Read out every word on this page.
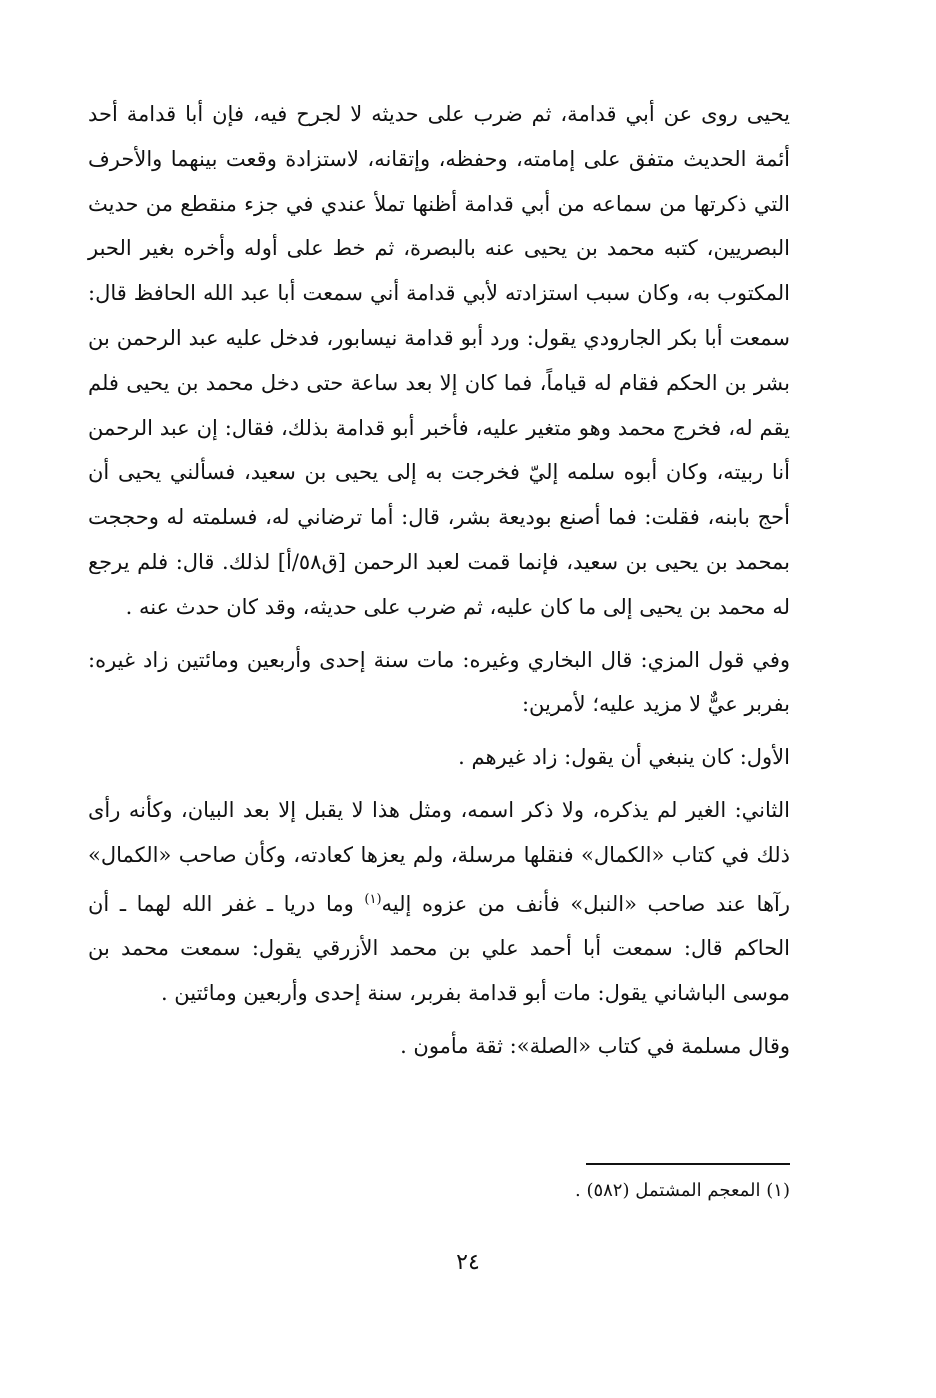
يحيى روى عن أبي قدامة، ثم ضرب على حديثه لا لجرح فيه، فإن أبا قدامة أحد أئمة الحديث متفق على إمامته، وحفظه، وإتقانه، لاستزادة وقعت بينهما والأحرف التي ذكرتها من سماعه من أبي قدامة أظنها تملأ عندي في جزء منقطع من حديث البصريين، كتبه محمد بن يحيى عنه بالبصرة، ثم خط على أوله وأخره بغير الحبر المكتوب به، وكان سبب استزادته لأبي قدامة أني سمعت أبا عبد الله الحافظ قال: سمعت أبا بكر الجارودي يقول: ورد أبو قدامة نيسابور، فدخل عليه عبد الرحمن بن بشر بن الحكم فقام له قياماً، فما كان إلا بعد ساعة حتى دخل محمد بن يحيى فلم يقم له، فخرج محمد وهو متغير عليه، فأخبر أبو قدامة بذلك، فقال: إن عبد الرحمن أنا ربيته، وكان أبوه سلمه إليّ فخرجت به إلى يحيى بن سعيد، فسألني يحيى أن أحج بابنه، فقلت: فما أصنع بوديعة بشر، قال: أما ترضاني له، فسلمته له وحججت بمحمد بن يحيى بن سعيد، فإنما قمت لعبد الرحمن [ق٥٨/أ] لذلك. قال: فلم يرجع له محمد بن يحيى إلى ما كان عليه، ثم ضرب على حديثه، وقد كان حدث عنه .

وفي قول المزي: قال البخاري وغيره: مات سنة إحدى وأربعين ومائتين زاد غيره: بفربر عيٌّ لا مزيد عليه؛ لأمرين:

الأول: كان ينبغي أن يقول: زاد غيرهم .

الثاني: الغير لم يذكره، ولا ذكر اسمه، ومثل هذا لا يقبل إلا بعد البيان، وكأنه رأى ذلك في كتاب «الكمال» فنقلها مرسلة، ولم يعزها كعادته، وكأن صاحب «الكمال» رآها عند صاحب «النبل» فأنف من عزوه إليه$^{(١)}$ وما دريا ـ غفر الله لهما ـ أن الحاكم قال: سمعت أبا أحمد علي بن محمد الأزرقي يقول: سمعت محمد بن موسى الباشاني يقول: مات أبو قدامة بفربر، سنة إحدى وأربعين ومائتين .

وقال مسلمة في كتاب «الصلة»: ثقة مأمون .

(١) المعجم المشتمل (٥٨٢) .
٢٤
